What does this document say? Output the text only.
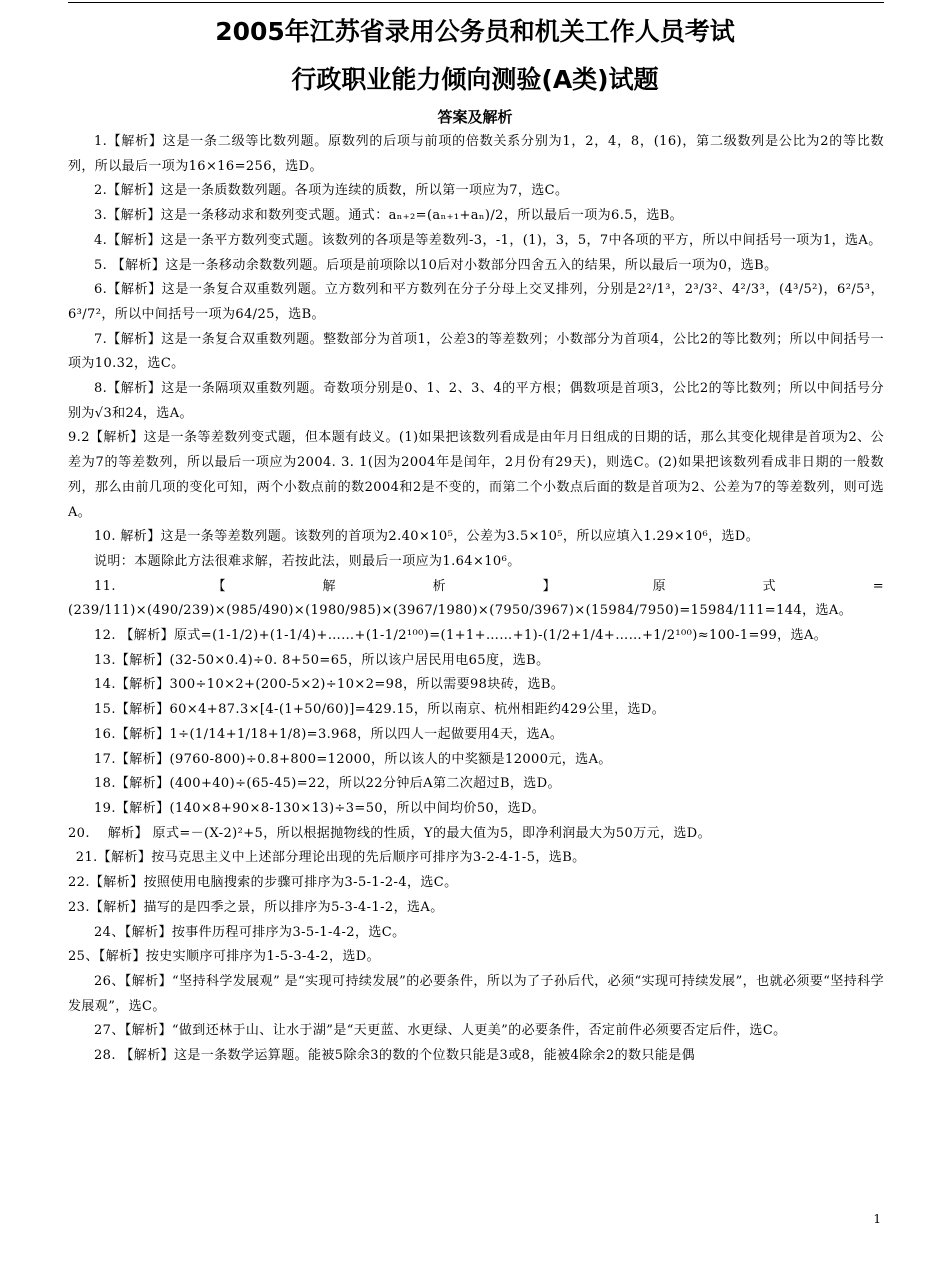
2005年江苏省录用公务员和机关工作人员考试
行政职业能力倾向测验(A类)试题
答案及解析

1.【解析】这是一条二级等比数列题。原数列的后项与前项的倍数关系分别为1，2，4，8，(16)，第二级数列是公比为2的等比数列，所以最后一项为16×16=256，选D。

2.【解析】这是一条质数数列题。各项为连续的质数，所以第一项应为7，选C。

3.【解析】这是一条移动求和数列变式题。通式：aₙ₊₂=(aₙ₊₁+aₙ)/2，所以最后一项为6.5，选B。

4.【解析】这是一条平方数列变式题。该数列的各项是等差数列-3，-1，(1)，3，5，7中各项的平方，所以中间括号一项为1，选A。

5. 【解析】这是一条移动余数数列题。后项是前项除以10后对小数部分四舍五入的结果，所以最后一项为0，选B。

6.【解析】这是一条复合双重数列题。立方数列和平方数列在分子分母上交叉排列，分别是2²/1³，2³/3²、4²/3³，(4³/5²)，6²/5³，6³/7²，所以中间括号一项为64/25，选B。

7.【解析】这是一条复合双重数列题。整数部分为首项1，公差3的等差数列；小数部分为首项4，公比2的等比数列；所以中间括号一项为10.32，选C。

8.【解析】这是一条隔项双重数列题。奇数项分别是0、1、2、3、4的平方根；偶数项是首项3，公比2的等比数列；所以中间括号分别为√3和24，选A。

9.2【解析】这是一条等差数列变式题，但本题有歧义。(1)如果把该数列看成是由年月日组成的日期的话，那么其变化规律是首项为2、公差为7的等差数列，所以最后一项应为2004. 3. 1(因为2004年是闰年，2月份有29天)，则选C。(2)如果把该数列看成非日期的一般数列，那么由前几项的变化可知，两个小数点前的数2004和2是不变的，而第二个小数点后面的数是首项为2、公差为7的等差数列，则可选A。

10. 解析】这是一条等差数列题。该数列的首项为2.40×10⁵，公差为3.5×10⁵，所以应填入1.29×10⁶，选D。

说明：本题除此方法很难求解，若按此法，则最后一项应为1.64×10⁶。

11.【解析】原式=(239/111)×(490/239)×(985/490)×(1980/985)×(3967/1980)×(7950/3967)×(15984/7950)=15984/111=144，选A。

12. 【解析】原式=(1-1/2)+(1-1/4)+……+(1-1/2¹⁰⁰)=(1+1+……+1)-(1/2+1/4+……+1/2¹⁰⁰)≈100-1=99，选A。

13.【解析】(32-50×0.4)÷0. 8+50=65，所以该户居民用电65度，选B。

14.【解析】300÷10×2+(200-5×2)÷10×2=98，所以需要98块砖，选B。

15.【解析】60×4+87.3×[4-(1+50/60)]=429.15，所以南京、杭州相距约429公里，选D。

16.【解析】1÷(1/14+1/18+1/8)=3.968，所以四人一起做要用4天，选A。

17.【解析】(9760-800)÷0.8+800=12000，所以该人的中奖额是12000元，选A。

18.【解析】(400+40)÷(65-45)=22，所以22分钟后A第二次超过B，选D。

19.【解析】(140×8+90×8-130×13)÷3=50，所以中间均价50，选D。

20.　 解析】 原式=－(X-2)²+5，所以根据抛物线的性质，Y的最大值为5，即净利润最大为50万元，选D。

21.【解析】按马克思主义中上述部分理论出现的先后顺序可排序为3-2-4-1-5，选B。

22.【解析】按照使用电脑搜索的步骤可排序为3-5-1-2-4，选C。

23.【解析】描写的是四季之景，所以排序为5-3-4-1-2，选A。

24、【解析】按事件历程可排序为3-5-1-4-2，选C。

25、【解析】按史实顺序可排序为1-5-3-4-2，选D。

26、【解析】“坚持科学发展观” 是“实现可持续发展”的必要条件，所以为了子孙后代，必须“实现可持续发展”，也就必须要“坚持科学发展观”，选C。

27、【解析】“做到还林于山、让水于湖”是“天更蓝、水更绿、人更美”的必要条件，否定前件必须要否定后件，选C。

28. 【解析】这是一条数学运算题。能被5除余3的数的个位数只能是3或8，能被4除余2的数只能是偶

1
